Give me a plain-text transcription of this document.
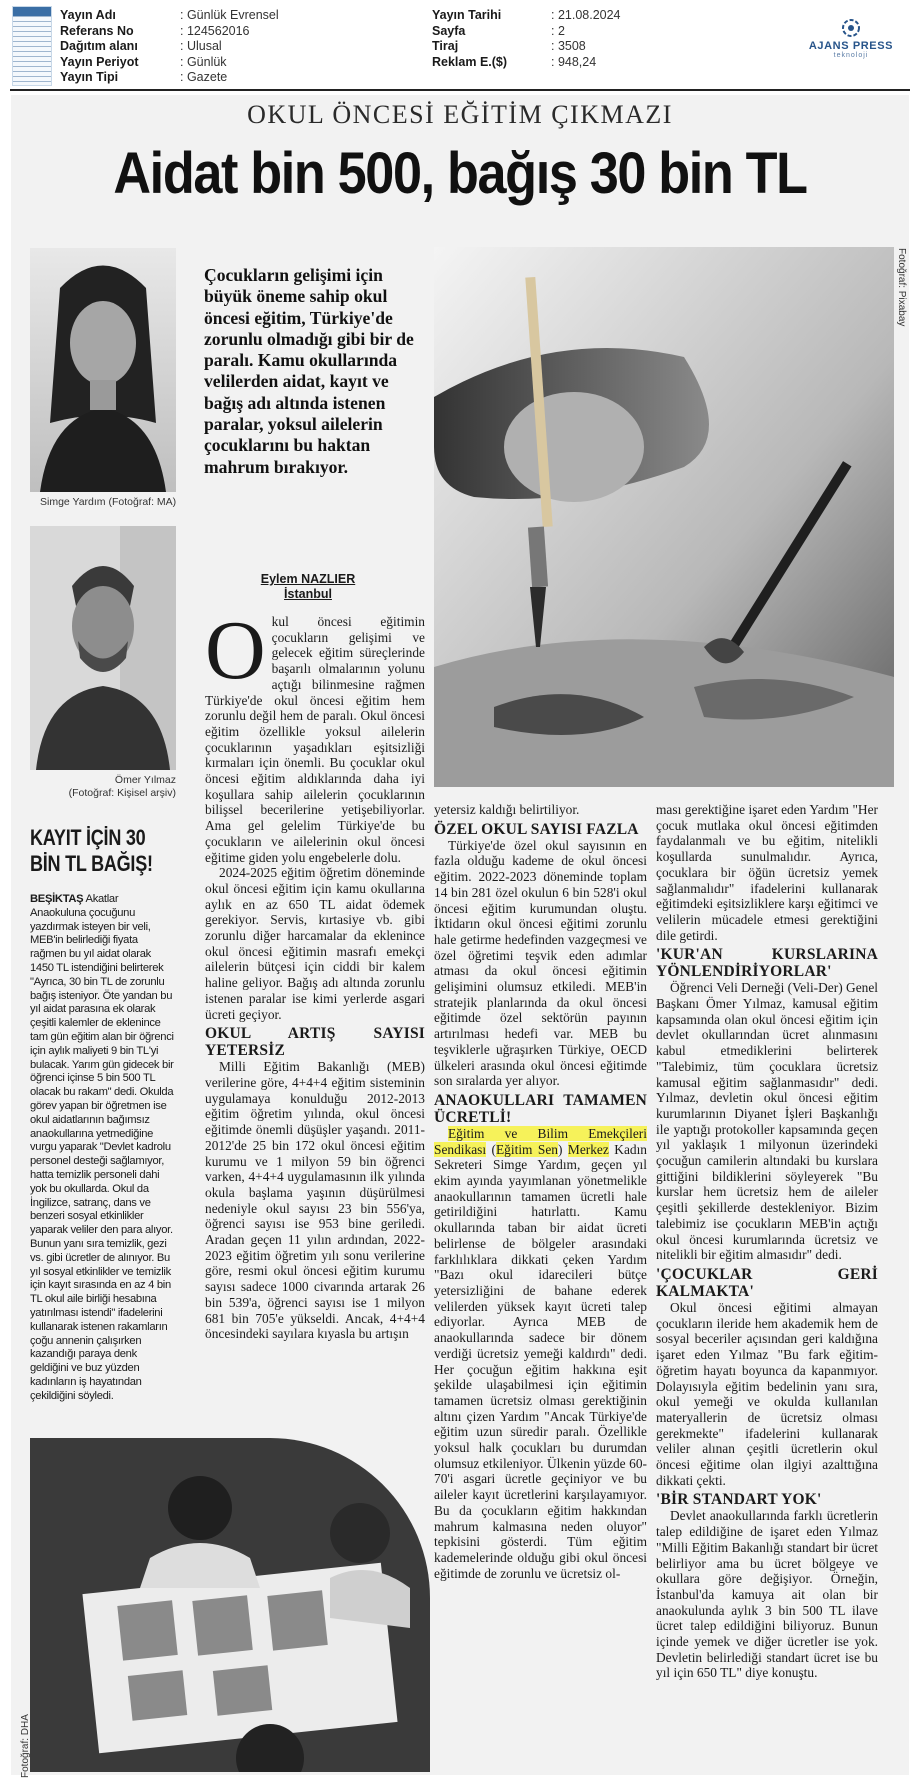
Yayın Adı
Referans No
Dağıtım alanı
Yayın Periyot
Yayın Tipi
: Günlük Evrensel
: 124562016
: Ulusal
: Günlük
: Gazete
Yayın Tarihi
Sayfa
Tiraj
Reklam E.($)
: 21.08.2024
: 2
: 3508
: 948,24
AJANS PRESS
teknoloji
OKUL ÖNCESİ EĞİTİM ÇIKMAZI
Aidat bin 500, bağış 30 bin TL
Simge Yardım (Fotoğraf: MA)
Ömer Yılmaz
(Fotoğraf: Kişisel arşiv)
Çocukların gelişimi için büyük öneme sahip okul öncesi eğitim, Türkiye'de zorunlu olmadığı gibi bir de paralı. Kamu okullarında velilerden aidat, kayıt ve bağış adı altında istenen paralar, yoksul ailelerin çocuklarını bu haktan mahrum bırakıyor.
Eylem NAZLIER
İstanbul
Fotoğraf: Pixabay

Okul öncesi eğitimin çocukların gelişimi ve gelecek eğitim süreçlerinde başarılı olmalarının yolunu açtığı bilinmesine rağmen Türkiye'de okul öncesi eğitim hem zorunlu değil hem de paralı. Okul öncesi eğitim özellikle yoksul ailelerin çocuklarının yaşadıkları eşitsizliği kırmaları için önemli. Bu çocuklar okul öncesi eğitim aldıklarında daha iyi koşullara sahip ailelerin çocuklarının bilişsel becerilerine yetişebiliyorlar. Ama gel gelelim Türkiye'de bu çocukların ve ailelerinin okul öncesi eğitime giden yolu engebelerle dolu.

2024-2025 eğitim öğretim döneminde okul öncesi eğitim için kamu okullarına aylık en az 650 TL aidat ödemek gerekiyor. Servis, kırtasiye vb. gibi zorunlu diğer harcamalar da eklenince okul öncesi eğitimin masrafı emekçi ailelerin bütçesi için ciddi bir kalem haline geliyor. Bağış adı altında zorunlu istenen paralar ise kimi yerlerde asgari ücreti geçiyor.

OKUL ARTIŞ SAYISI YETERSİZ

Milli Eğitim Bakanlığı (MEB) verilerine göre, 4+4+4 eğitim sisteminin uygulamaya konulduğu 2012-2013 eğitim öğretim yılında, okul öncesi eğitimde önemli düşüşler yaşandı. 2011-2012'de 25 bin 172 okul öncesi eğitim kurumu ve 1 milyon 59 bin öğrenci varken, 4+4+4 uygulamasının ilk yılında okula başlama yaşının düşürülmesi nedeniyle okul sayısı 23 bin 556'ya, öğrenci sayısı ise 953 bine geriledi. Aradan geçen 11 yılın ardından, 2022-2023 eğitim öğretim yılı sonu verilerine göre, resmi okul öncesi eğitim kurumu sayısı sadece 1000 civarında artarak 26 bin 539'a, öğrenci sayısı ise 1 milyon 681 bin 705'e yükseldi. Ancak, 4+4+4 öncesindeki sayılara kıyasla bu artışın

yetersiz kaldığı belirtiliyor.

ÖZEL OKUL SAYISI FAZLA

Türkiye'de özel okul sayısının en fazla olduğu kademe de okul öncesi eğitim. 2022-2023 döneminde toplam 14 bin 281 özel okulun 6 bin 528'i okul öncesi eğitim kurumundan oluştu. İktidarın okul öncesi eğitimi zorunlu hale getirme hedefinden vazgeçmesi ve özel öğretimi teşvik eden adımlar atması da okul öncesi eğitimin gelişimini olumsuz etkiledi. MEB'in stratejik planlarında da okul öncesi eğitimde özel sektörün payının artırılması hedefi var. MEB bu teşviklerle uğraşırken Türkiye, OECD ülkeleri arasında okul öncesi eğitimde son sıralarda yer alıyor.

ANAOKULLARI TAMAMEN ÜCRETLİ!

Eğitim ve Bilim Emekçileri Sendikası (Eğitim Sen) Merkez Kadın Sekreteri Simge Yardım, geçen yıl ekim ayında yayımlanan yönetmelikle anaokullarının tamamen ücretli hale getirildiğini hatırlattı. Kamu okullarında taban bir aidat ücreti belirlense de bölgeler arasındaki farklılıklara dikkati çeken Yardım "Bazı okul idarecileri bütçe yetersizliğini de bahane ederek velilerden yüksek kayıt ücreti talep ediyorlar. Ayrıca MEB de anaokullarında sadece bir dönem verdiği ücretsiz yemeği kaldırdı" dedi. Her çocuğun eğitim hakkına eşit şekilde ulaşabilmesi için eğitimin tamamen ücretsiz olması gerektiğinin altını çizen Yardım "Ancak Türkiye'de eğitim uzun süredir paralı. Özellikle yoksul halk çocukları bu durumdan olumsuz etkileniyor. Ülkenin yüzde 60-70'i asgari ücretle geçiniyor ve bu aileler kayıt ücretlerini karşılayamıyor. Bu da çocukların eğitim hakkından mahrum kalmasına neden oluyor" tepkisini gösterdi. Tüm eğitim kademelerinde olduğu gibi okul öncesi eğitimde de zorunlu ve ücretsiz ol-

ması gerektiğine işaret eden Yardım "Her çocuk mutlaka okul öncesi eğitimden faydalanmalı ve bu eğitim, nitelikli koşullarda sunulmalıdır. Ayrıca, çocuklara bir öğün ücretsiz yemek sağlanmalıdır" ifadelerini kullanarak eğitimdeki eşitsizliklere karşı eğitimci ve velilerin mücadele etmesi gerektiğini dile getirdi.

'KUR'AN KURSLARINA YÖNLENDİRİYORLAR'

Öğrenci Veli Derneği (Veli-Der) Genel Başkanı Ömer Yılmaz, kamusal eğitim kapsamında olan okul öncesi eğitim için devlet okullarından ücret alınmasını kabul etmediklerini belirterek "Talebimiz, tüm çocuklara ücretsiz kamusal eğitim sağlanmasıdır" dedi. Yılmaz, devletin okul öncesi eğitim kurumlarının Diyanet İşleri Başkanlığı ile yaptığı protokoller kapsamında geçen yıl yaklaşık 1 milyonun üzerindeki çocuğun camilerin altındaki bu kurslara gittiğini bildiklerini söyleyerek "Bu kurslar hem ücretsiz hem de aileler çeşitli şekillerde destekleniyor. Bizim talebimiz ise çocukların MEB'in açtığı okul öncesi kurumlarında ücretsiz ve nitelikli bir eğitim almasıdır" dedi.

'ÇOCUKLAR GERİ KALMAKTA'

Okul öncesi eğitimi almayan çocukların ileride hem akademik hem de sosyal beceriler açısından geri kaldığına işaret eden Yılmaz "Bu fark eğitim-öğretim hayatı boyunca da kapanmıyor. Dolayısıyla eğitim bedelinin yanı sıra, okul yemeği ve okulda kullanılan materyallerin de ücretsiz olması gerekmekte" ifadelerini kullanarak veliler alınan çeşitli ücretlerin okul öncesi eğitime olan ilgiyi azalttığına dikkati çekti.

'BİR STANDART YOK'

Devlet anaokullarında farklı ücretlerin talep edildiğine de işaret eden Yılmaz "Milli Eğitim Bakanlığı standart bir ücret belirliyor ama bu ücret bölgeye ve okullara göre değişiyor. Örneğin, İstanbul'da kamuya ait olan bir anaokulunda aylık 3 bin 500 TL ilave ücret talep edildiğini biliyoruz. Bunun içinde yemek ve diğer ücretler ise yok. Devletin belirlediği standart ücret ise bu yıl için 650 TL" diye konuştu.

KAYIT İÇİN 30 BİN TL BAĞIŞ!
BEŞİKTAŞ Akatlar Anaokuluna çocuğunu yazdırmak isteyen bir veli, MEB'in belirlediği fiyata rağmen bu yıl aidat olarak 1450 TL istendiğini belirterek "Ayrıca, 30 bin TL de zorunlu bağış isteniyor. Öte yandan bu yıl aidat parasına ek olarak çeşitli kalemler de eklenince tam gün eğitim alan bir öğrenci için aylık maliyeti 9 bin TL'yi bulacak. Yarım gün gidecek bir öğrenci içinse 5 bin 500 TL olacak bu rakam" dedi. Okulda görev yapan bir öğretmen ise okul aidatlarının bağımsız anaokullarına yetmediğine vurgu yaparak "Devlet kadrolu personel desteği sağlamıyor, hatta temizlik personeli dahi yok bu okullarda. Okul da İngilizce, satranç, dans ve benzeri sosyal etkinlikler yaparak veliler den para alıyor. Bunun yanı sıra temizlik, gezi vs. gibi ücretler de alınıyor. Bu yıl sosyal etkinlikler ve temizlik için kayıt sırasında en az 4 bin TL okul aile birliği hesabına yatırılması istendi" ifadelerini kullanarak istenen rakamların çoğu annenin çalışırken kazandığı paraya denk geldiğini ve buz yüzden kadınların iş hayatından çekildiğini söyledi.
Fotoğraf: DHA
